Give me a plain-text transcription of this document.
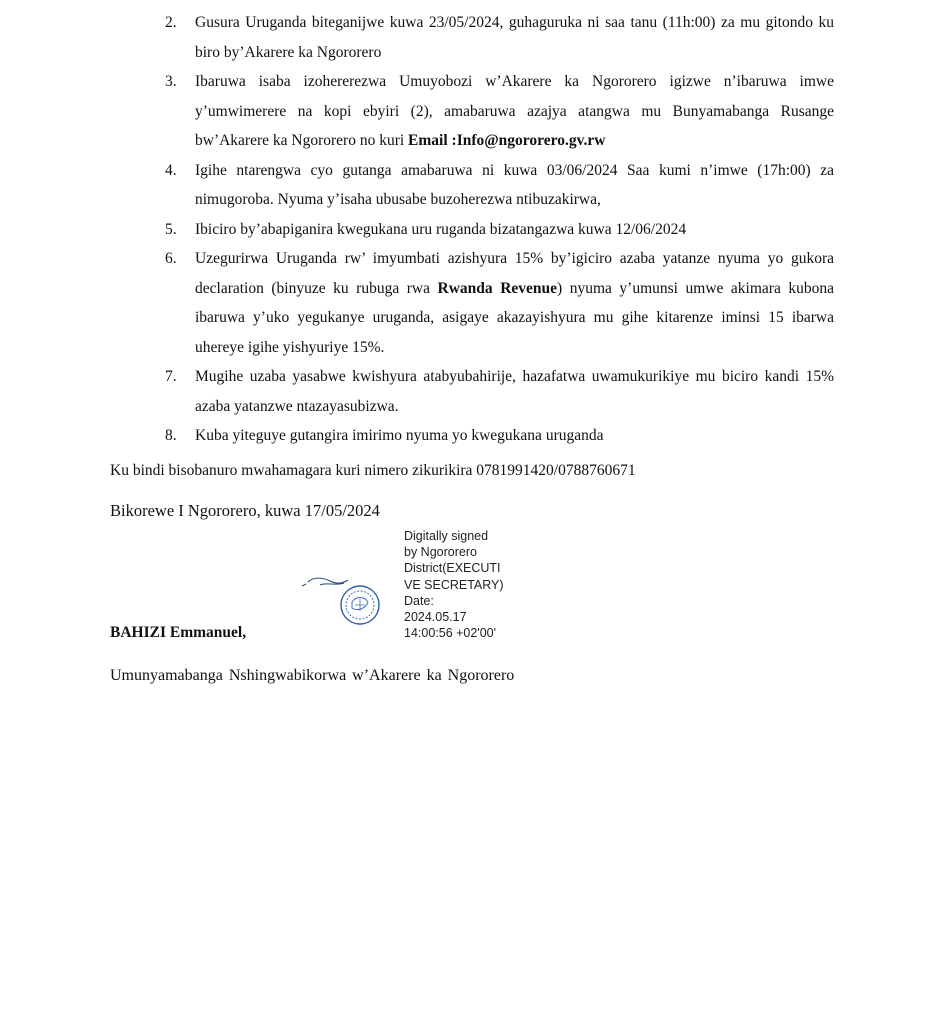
2. Gusura Uruganda biteganijwe kuwa 23/05/2024, guhaguruka ni saa tanu (11h:00) za mu gitondo ku biro by’Akarere ka Ngororero
3. Ibaruwa isaba izohererezwa Umuyobozi w’Akarere ka Ngororero igizwe n’ibaruwa imwe y’umwimerere na kopi ebyiri (2), amabaruwa azajya atangwa mu Bunyamabanga Rusange bw’Akarere ka Ngororero no kuri Email :Info@ngororero.gv.rw
4. Igihe ntarengwa cyo gutanga amabaruwa ni kuwa 03/06/2024 Saa kumi n’imwe (17h:00) za nimugoroba. Nyuma y’isaha ubusabe buzoherezwa ntibuzakirwa,
5. Ibiciro by’abapiganira kwegukana uru ruganda bizatangazwa kuwa 12/06/2024
6. Uzegurirwa Uruganda rw’ imyumbati azishyura 15% by’igiciro azaba yatanze nyuma yo gukora declaration (binyuze ku rubuga rwa Rwanda Revenue) nyuma y’umunsi umwe akimara kubona ibaruwa y’uko yegukanye uruganda, asigaye akazayishyura mu gihe kitarenze iminsi 15 ibarwa uhereye igihe yishyuriye 15%.
7. Mugihe uzaba yasabwe kwishyura atabyubahirije, hazafatwa uwamukurikiye mu biciro kandi 15% azaba yatanzwe ntazayasubizwa.
8. Kuba yiteguye gutangira imirimo nyuma yo kwegukana uruganda
Ku bindi bisobanuro mwahamagara kuri nimero zikurikira 0781991420/0788760671
Bikorewe I Ngororero, kuwa 17/05/2024
Digitally signed
by Ngororero
District(EXECUTI
VE SECRETARY)
Date:
2024.05.17
14:00:56 +02'00'
BAHIZI Emmanuel,
Umunyamabanga Nshingwabikorwa w’Akarere ka Ngororero
